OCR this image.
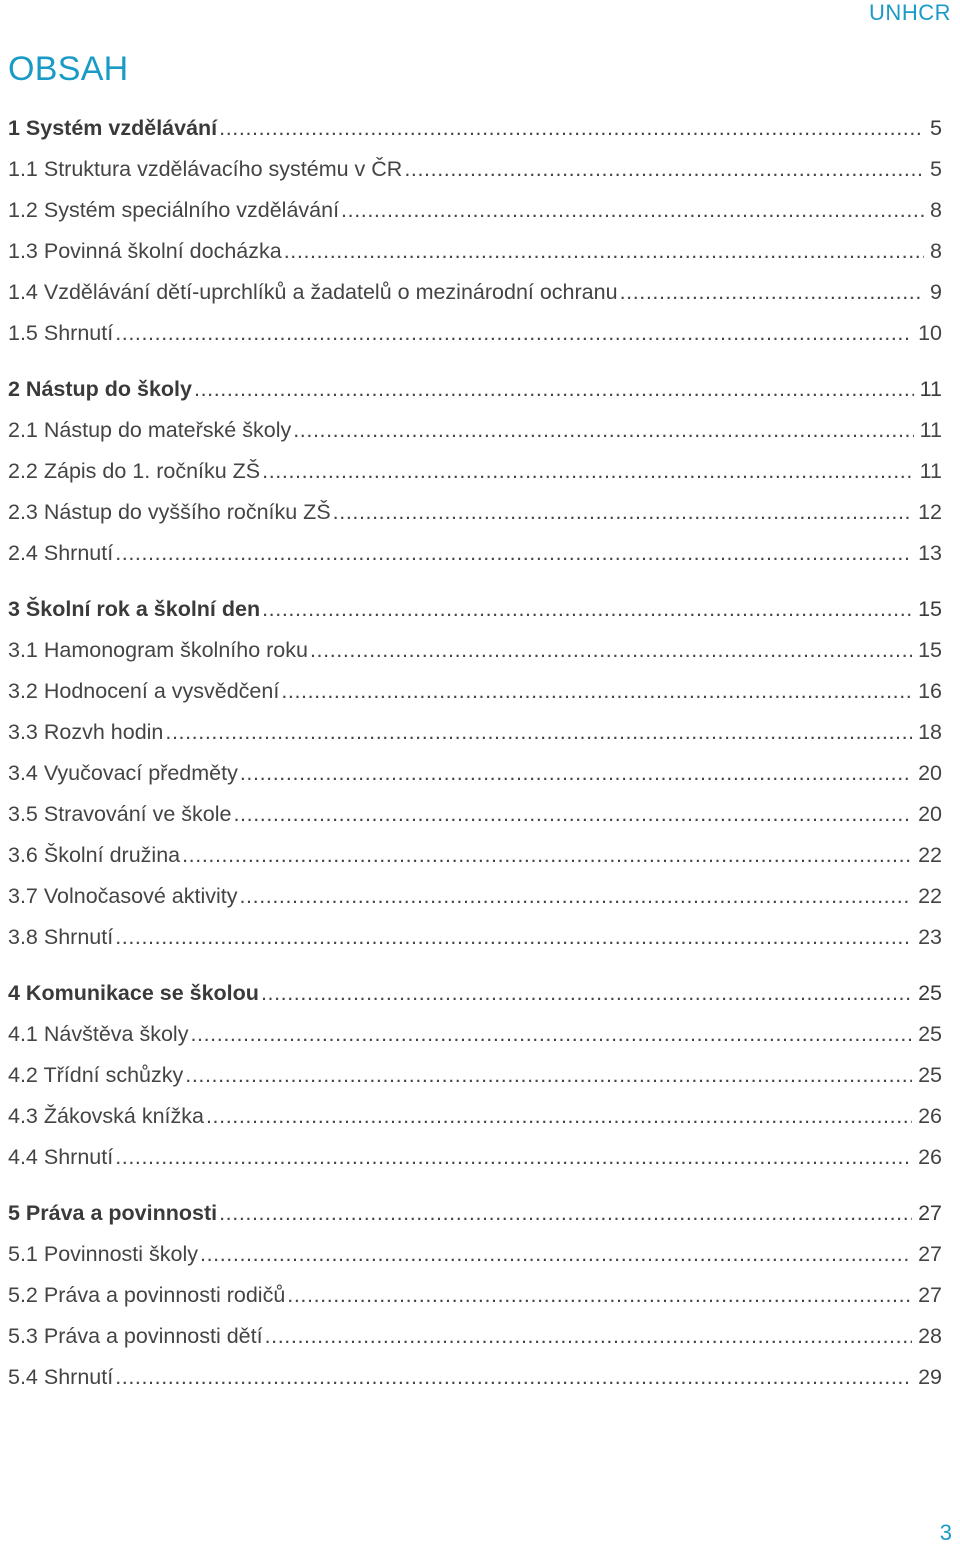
UNHCR
OBSAH
1 Systém vzdělávání .....	5
1.1 Struktura vzdělávacího systému v ČR .....	5
1.2 Systém speciálního vzdělávání .....	8
1.3 Povinná školní docházka .....	8
1.4 Vzdělávání dětí-uprchlíků a žadatelů o mezinárodní ochranu .....	9
1.5 Shrnutí .....	10
2 Nástup do školy .....	11
2.1 Nástup do mateřské školy .....	11
2.2 Zápis do 1. ročníku ZŠ .....	11
2.3 Nástup do vyššího ročníku ZŠ .....	12
2.4 Shrnutí .....	13
3 Školní rok a školní den .....	15
3.1 Hamonogram školního roku .....	15
3.2 Hodnocení a vysvědčení .....	16
3.3 Rozvh hodin .....	18
3.4 Vyučovací předměty .....	20
3.5 Stravování ve škole .....	20
3.6 Školní družina .....	22
3.7 Volnočasové aktivity .....	22
3.8 Shrnutí .....	23
4 Komunikace se školou .....	25
4.1 Návštěva školy .....	25
4.2 Třídní schůzky .....	25
4.3 Žákovská knížka .....	26
4.4 Shrnutí .....	26
5 Práva a povinnosti .....	27
5.1 Povinnosti školy .....	27
5.2 Práva a povinnosti rodičů .....	27
5.3 Práva a povinnosti dětí .....	28
5.4 Shrnutí .....	29
3
